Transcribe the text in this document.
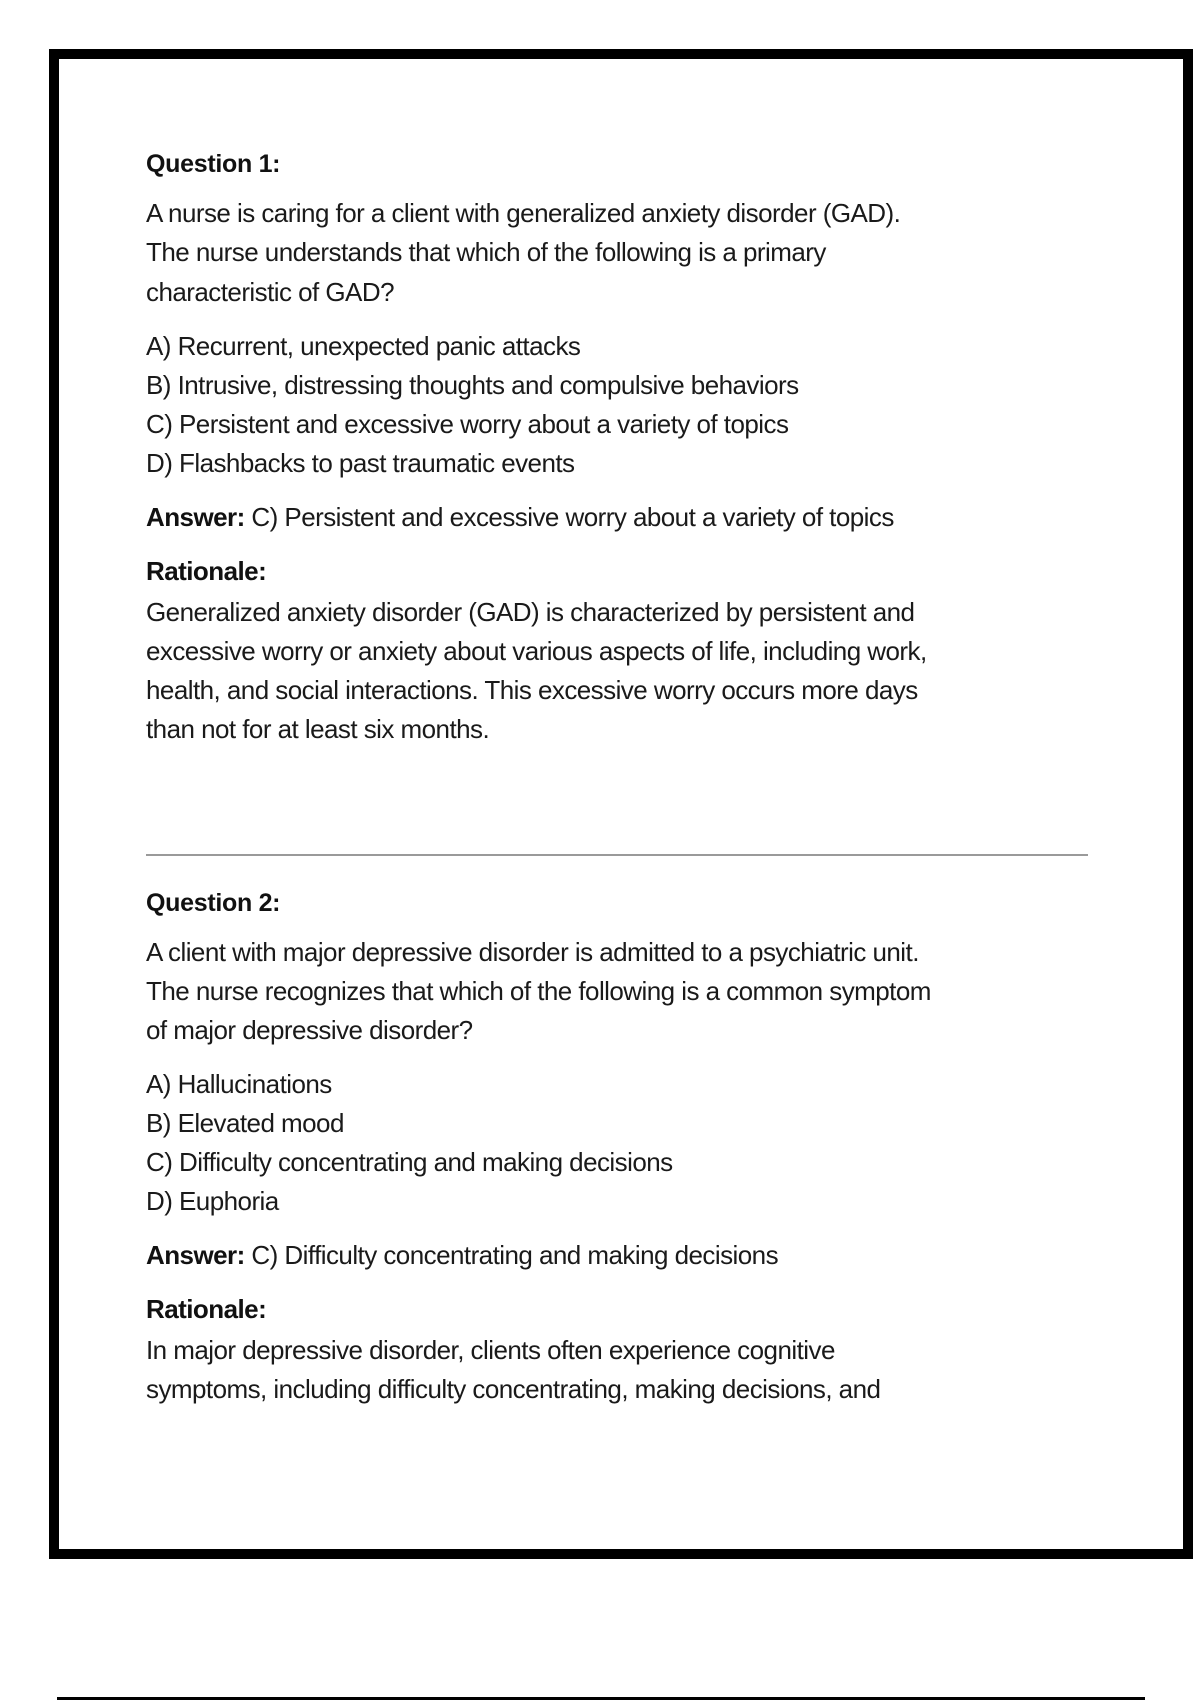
Question 1:
A nurse is caring for a client with generalized anxiety disorder (GAD).
The nurse understands that which of the following is a primary
characteristic of GAD?
A) Recurrent, unexpected panic attacks
B) Intrusive, distressing thoughts and compulsive behaviors
C) Persistent and excessive worry about a variety of topics
D) Flashbacks to past traumatic events
Answer: C) Persistent and excessive worry about a variety of topics
Rationale:
Generalized anxiety disorder (GAD) is characterized by persistent and
excessive worry or anxiety about various aspects of life, including work,
health, and social interactions. This excessive worry occurs more days
than not for at least six months.
Question 2:
A client with major depressive disorder is admitted to a psychiatric unit.
The nurse recognizes that which of the following is a common symptom
of major depressive disorder?
A) Hallucinations
B) Elevated mood
C) Difficulty concentrating and making decisions
D) Euphoria
Answer: C) Difficulty concentrating and making decisions
Rationale:
In major depressive disorder, clients often experience cognitive
symptoms, including difficulty concentrating, making decisions, and
